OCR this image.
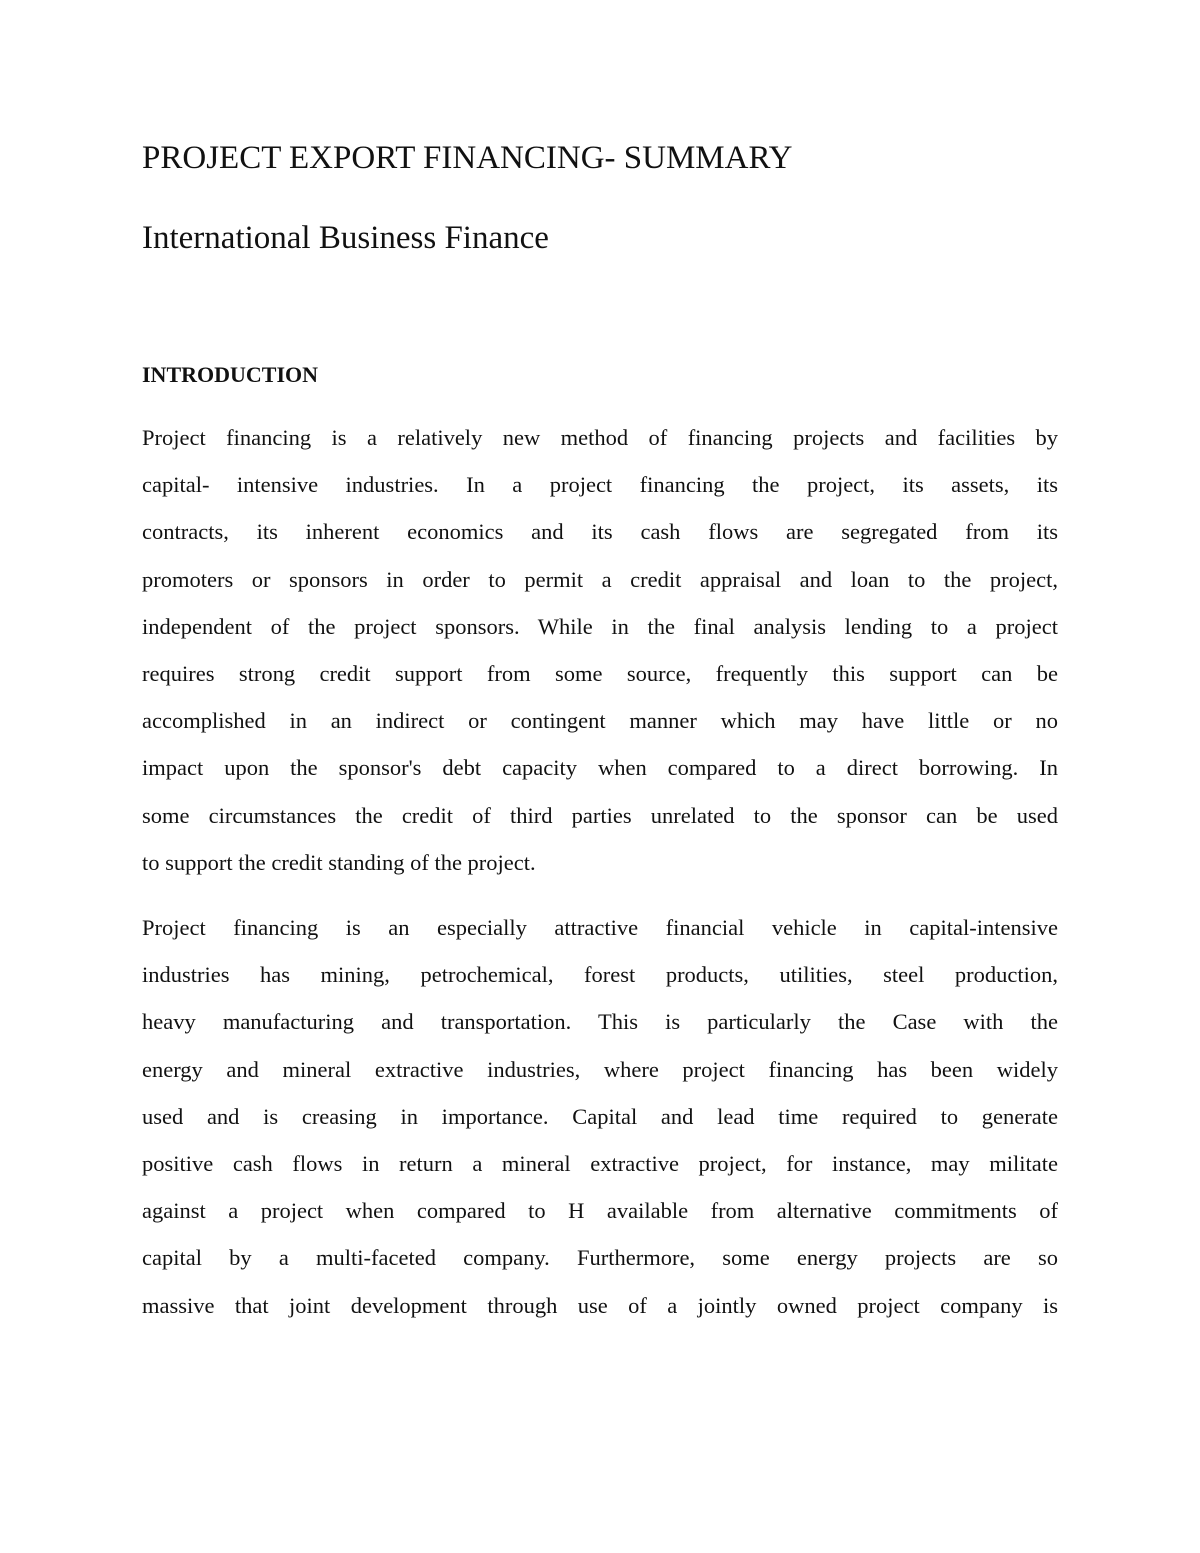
PROJECT EXPORT FINANCING- SUMMARY
International Business Finance
INTRODUCTION
Project financing is a relatively new method of financing projects and facilities by
capital- intensive industries. In a project financing the project, its assets, its
contracts, its inherent economics and its cash flows are segregated from its
promoters or sponsors in order to permit a credit appraisal and loan to the project,
independent of the project sponsors. While in the final analysis lending to a project
requires strong credit support from some source, frequently this support can be
accomplished in an indirect or contingent manner which may have little or no
impact upon the sponsor's debt capacity when compared to a direct borrowing. In
some circumstances the credit of third parties unrelated to the sponsor can be used
to support the credit standing of the project.
Project financing is an especially attractive financial vehicle in capital-intensive
industries has mining, petrochemical, forest products, utilities, steel production,
heavy manufacturing and transportation. This is particularly the Case with the
energy and mineral extractive industries, where project financing has been widely
used and is creasing in importance. Capital and lead time required to generate
positive cash flows in return a mineral extractive project, for instance, may militate
against a project when compared to H available from alternative commitments of
capital by a multi-faceted company. Furthermore, some energy projects are so
massive that joint development through use of a jointly owned project company is
